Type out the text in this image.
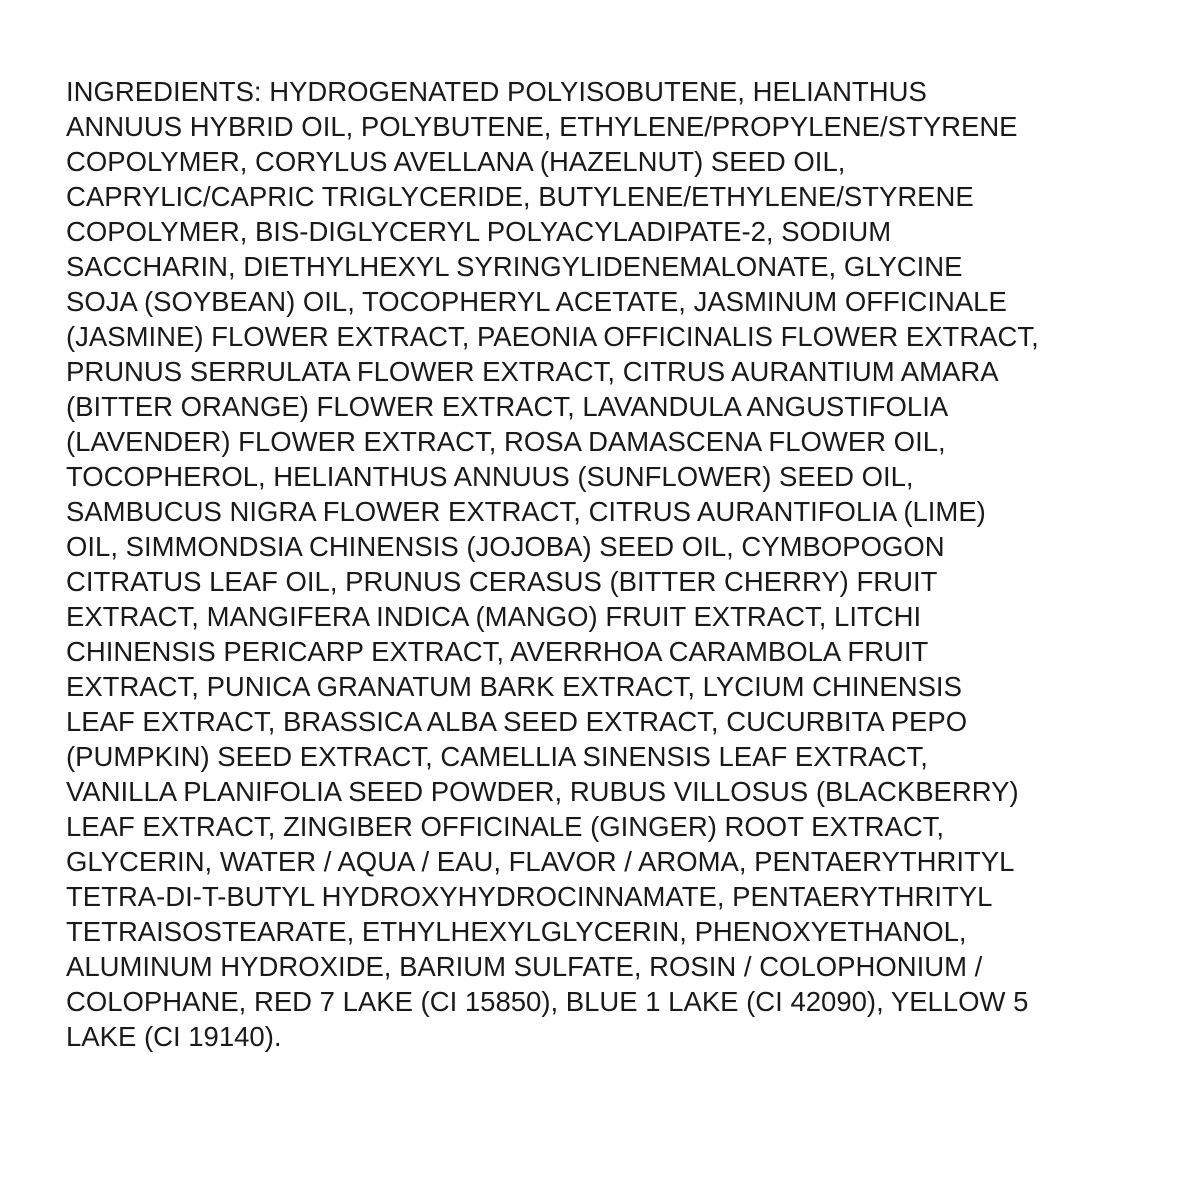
INGREDIENTS: HYDROGENATED POLYISOBUTENE, HELIANTHUS
ANNUUS HYBRID OIL, POLYBUTENE, ETHYLENE/PROPYLENE/STYRENE
COPOLYMER, CORYLUS AVELLANA (HAZELNUT) SEED OIL,
CAPRYLIC/CAPRIC TRIGLYCERIDE, BUTYLENE/ETHYLENE/STYRENE
COPOLYMER, BIS-DIGLYCERYL POLYACYLADIPATE-2, SODIUM
SACCHARIN, DIETHYLHEXYL SYRINGYLIDENEMALONATE, GLYCINE
SOJA (SOYBEAN) OIL, TOCOPHERYL ACETATE, JASMINUM OFFICINALE
(JASMINE) FLOWER EXTRACT, PAEONIA OFFICINALIS FLOWER EXTRACT,
PRUNUS SERRULATA FLOWER EXTRACT, CITRUS AURANTIUM AMARA
(BITTER ORANGE) FLOWER EXTRACT, LAVANDULA ANGUSTIFOLIA
(LAVENDER) FLOWER EXTRACT, ROSA DAMASCENA FLOWER OIL,
TOCOPHEROL, HELIANTHUS ANNUUS (SUNFLOWER) SEED OIL,
SAMBUCUS NIGRA FLOWER EXTRACT, CITRUS AURANTIFOLIA (LIME)
OIL, SIMMONDSIA CHINENSIS (JOJOBA) SEED OIL, CYMBOPOGON
CITRATUS LEAF OIL, PRUNUS CERASUS (BITTER CHERRY) FRUIT
EXTRACT, MANGIFERA INDICA (MANGO) FRUIT EXTRACT, LITCHI
CHINENSIS PERICARP EXTRACT, AVERRHOA CARAMBOLA FRUIT
EXTRACT, PUNICA GRANATUM BARK EXTRACT, LYCIUM CHINENSIS
LEAF EXTRACT, BRASSICA ALBA SEED EXTRACT, CUCURBITA PEPO
(PUMPKIN) SEED EXTRACT, CAMELLIA SINENSIS LEAF EXTRACT,
VANILLA PLANIFOLIA SEED POWDER, RUBUS VILLOSUS (BLACKBERRY)
LEAF EXTRACT, ZINGIBER OFFICINALE (GINGER) ROOT EXTRACT,
GLYCERIN, WATER / AQUA / EAU, FLAVOR / AROMA, PENTAERYTHRITYL
TETRA-DI-T-BUTYL HYDROXYHYDROCINNAMATE, PENTAERYTHRITYL
TETRAISOSTEARATE, ETHYLHEXYLGLYCERIN, PHENOXYETHANOL,
ALUMINUM HYDROXIDE, BARIUM SULFATE, ROSIN / COLOPHONIUM /
COLOPHANE, RED 7 LAKE (CI 15850), BLUE 1 LAKE (CI 42090), YELLOW 5
LAKE (CI 19140).
